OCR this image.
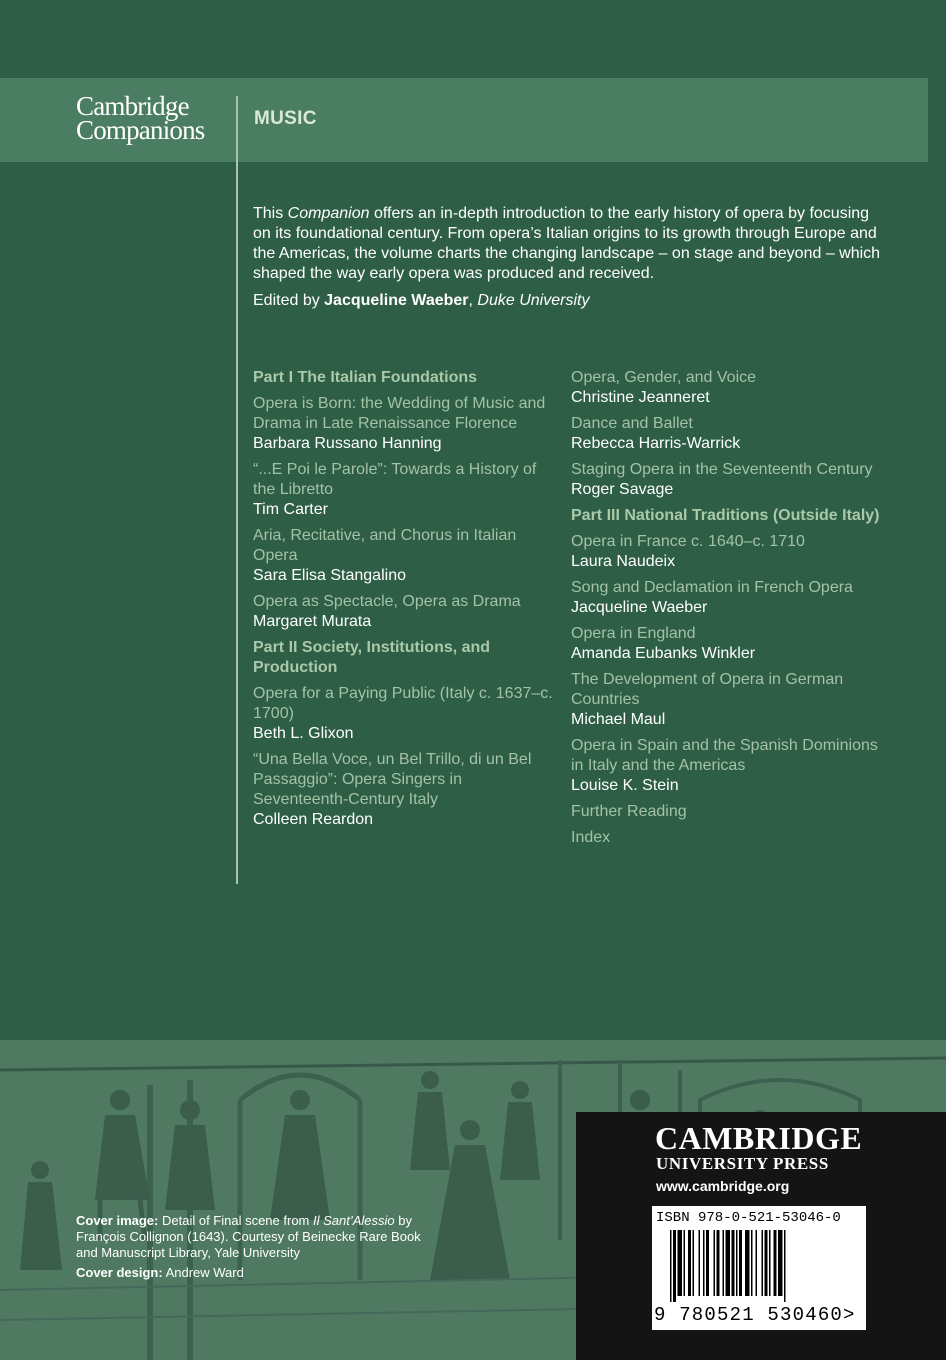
Cambridge
Companions	MUSIC

This Companion offers an in-depth introduction to the early history of opera by focusing on its foundational century. From opera’s Italian origins to its growth through Europe and the Americas, the volume charts the changing landscape – on stage and beyond – which shaped the way early opera was produced and received.

Edited by Jacqueline Waeber, Duke University

Part I The Italian Foundations
Opera is Born: the Wedding of Music and Drama in Late Renaissance Florence
Barbara Russano Hanning
“...E Poi le Parole”: Towards a History of the Libretto
Tim Carter
Aria, Recitative, and Chorus in Italian Opera
Sara Elisa Stangalino
Opera as Spectacle, Opera as Drama
Margaret Murata
Part II Society, Institutions, and Production
Opera for a Paying Public (Italy c. 1637–c. 1700)
Beth L. Glixon
“Una Bella Voce, un Bel Trillo, di un Bel Passaggio”: Opera Singers in Seventeenth-Century Italy
Colleen Reardon
Opera, Gender, and Voice
Christine Jeanneret
Dance and Ballet
Rebecca Harris-Warrick
Staging Opera in the Seventeenth Century
Roger Savage
Part III National Traditions (Outside Italy)
Opera in France c. 1640–c. 1710
Laura Naudeix
Song and Declamation in French Opera
Jacqueline Waeber
Opera in England
Amanda Eubanks Winkler
The Development of Opera in German Countries
Michael Maul
Opera in Spain and the Spanish Dominions in Italy and the Americas
Louise K. Stein
Further Reading
Index

Cover image: Detail of Final scene from Il Sant’Alessio by François Collignon (1643). Courtesy of Beinecke Rare Book and Manuscript Library, Yale University

Cover design: Andrew Ward

CAMBRIDGE
UNIVERSITY PRESS
www.cambridge.org
ISBN 978-0-521-53046-0
9 780521 530460>
